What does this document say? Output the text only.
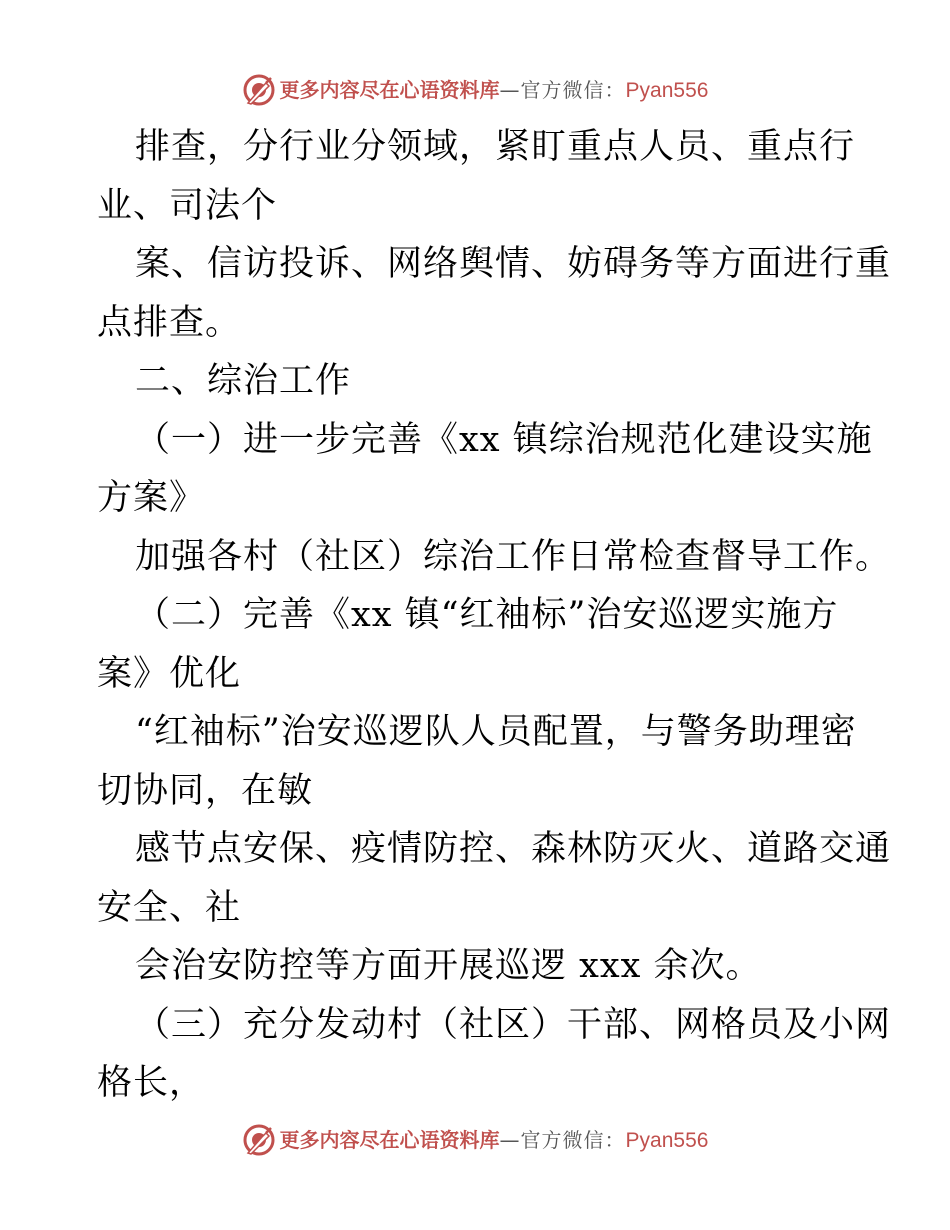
更多内容尽在心语资料库 — 官方微信： Pyan556
排查，分行业分领域，紧盯重点人员、重点行
业、司法个
案、信访投诉、网络舆情、妨碍务等方面进行重
点排查。
二、综治工作
（一）进一步完善《xx 镇综治规范化建设实施
方案》
加强各村（社区）综治工作日常检查督导工作。
（二）完善《xx 镇“红袖标”治安巡逻实施方
案》优化
“红袖标”治安巡逻队人员配置，与警务助理密
切协同，在敏
感节点安保、疫情防控、森林防灭火、道路交通
安全、社
会治安防控等方面开展巡逻 xxx 余次。
（三）充分发动村（社区）干部、网格员及小网
格长，
更多内容尽在心语资料库 — 官方微信： Pyan556
